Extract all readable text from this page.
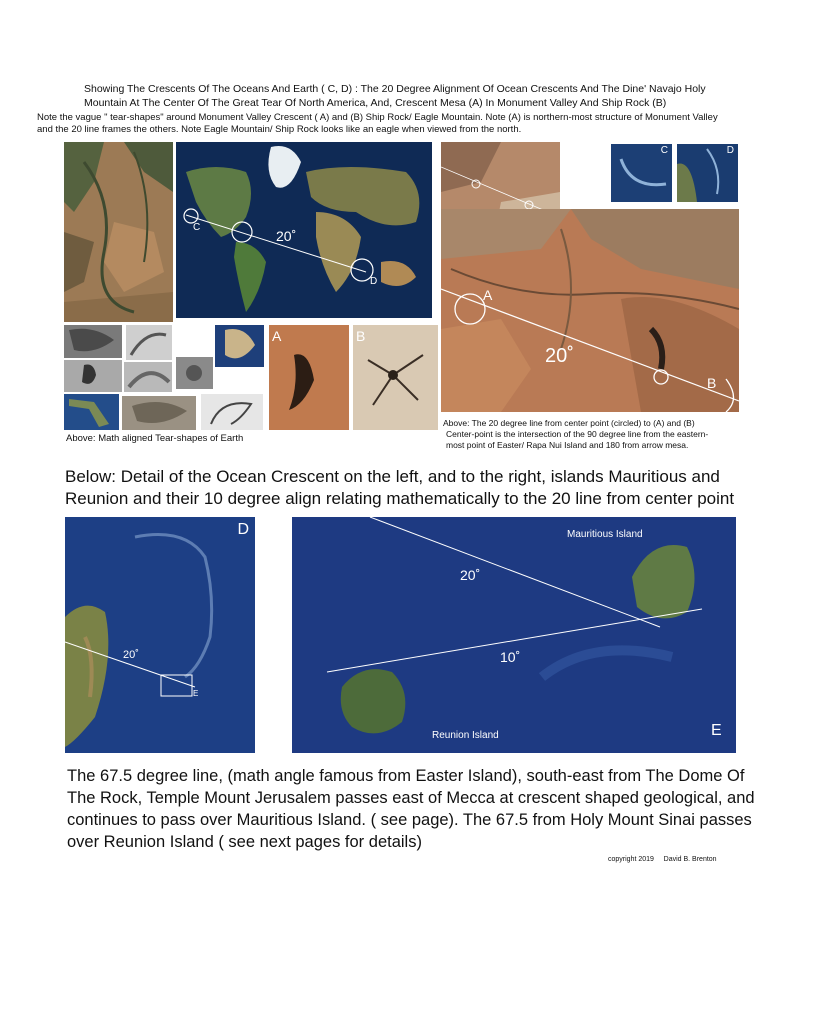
Showing The Crescents Of The Oceans And Earth ( C, D) : The 20 Degree Alignment Of Ocean Crescents And The Dine' Navajo Holy
Mountain At The Center Of The Great Tear Of North America, And, Crescent Mesa (A) In Monument Valley And Ship Rock (B)
Note the vague " tear-shapes" around Monument Valley Crescent ( A) and (B) Ship Rock/ Eagle Mountain. Note (A) is northern-most structure of Monument Valley
and the 20 line frames the others. Note Eagle Mountain/ Ship Rock looks like an eagle when viewed from the north.
C
20˚
D
A	B
Above: Math aligned Tear-shapes of Earth
C	D
A
20˚
B
Above: The 20 degree line from center point (circled) to (A) and (B)
Center-point is the intersection of the 90 degree line from the eastern-
most point of Easter/ Rapa Nui Island and 180 from arrow mesa.
Below: Detail of the Ocean Crescent on the left, and to the right, islands Mauritious and
Reunion and their 10 degree align relating mathematically to the 20 line from center point
D
20˚
E
Mauritious Island
20˚
10˚
Reunion Island	E
The 67.5 degree line, (math angle famous from Easter Island), south-east from The Dome Of
The Rock, Temple Mount Jerusalem passes east of Mecca at crescent shaped geological, and
continues to pass over Mauritious Island. ( see page). The 67.5 from Holy Mount Sinai passes
over Reunion Island ( see next pages for details)
copyright 2019     David B. Brenton
